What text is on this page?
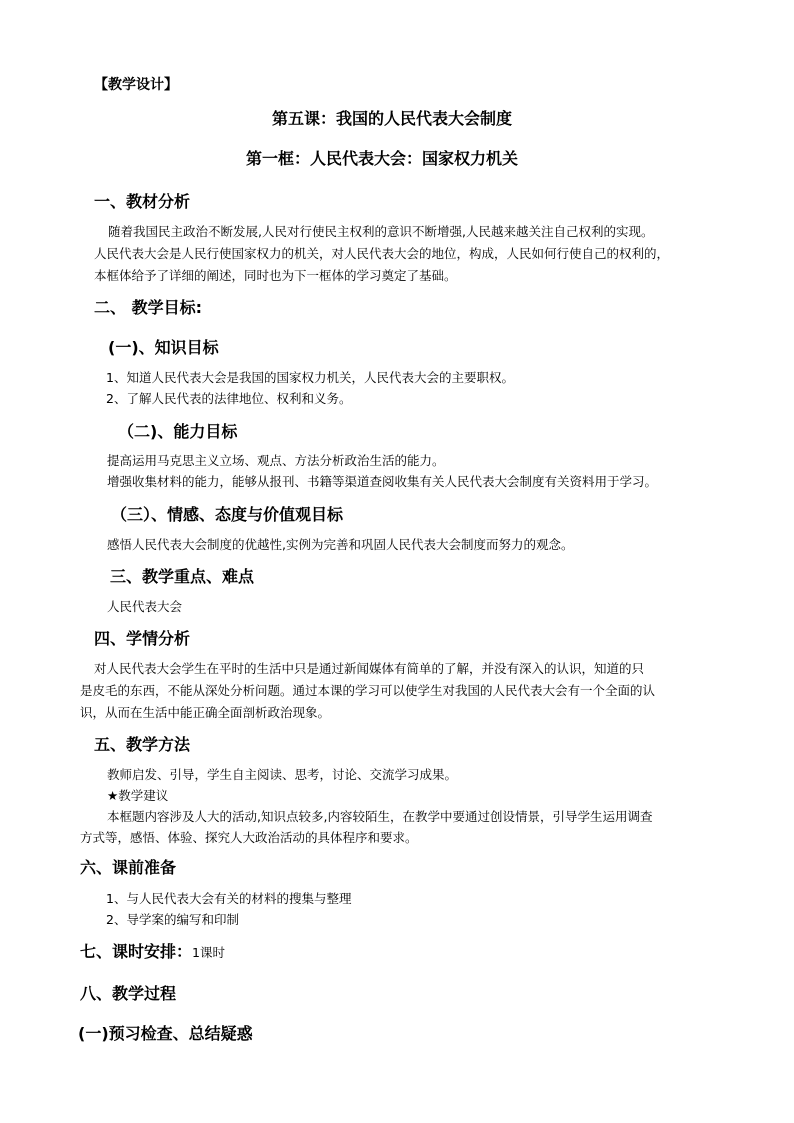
【教学设计】
第五课：我国的人民代表大会制度
第一框：人民代表大会：国家权力机关
一、教材分析
随着我国民主政治不断发展,人民对行使民主权利的意识不断增强,人民越来越关注自己权利的实现。
人民代表大会是人民行使国家权力的机关，对人民代表大会的地位，构成，人民如何行使自己的权利的，
本框体给予了详细的阐述，同时也为下一框体的学习奠定了基础。
二、 教学目标:
(一)、知识目标
1、知道人民代表大会是我国的国家权力机关，人民代表大会的主要职权。
2、了解人民代表的法律地位、权利和义务。
（二)、能力目标
提高运用马克思主义立场、观点、方法分析政治生活的能力。
增强收集材料的能力，能够从报刊、书籍等渠道查阅收集有关人民代表大会制度有关资料用于学习。
（三）、情感、态度与价值观目标
感悟人民代表大会制度的优越性,实例为完善和巩固人民代表大会制度而努力的观念。
三、教学重点、难点
人民代表大会
四、学情分析
对人民代表大会学生在平时的生活中只是通过新闻媒体有简单的了解，并没有深入的认识，知道的只
是皮毛的东西，不能从深处分析问题。通过本课的学习可以使学生对我国的人民代表大会有一个全面的认
识，从而在生活中能正确全面剖析政治现象。
五、教学方法
教师启发、引导，学生自主阅读、思考，讨论、交流学习成果。
★教学建议
本框题内容涉及人大的活动,知识点较多,内容较陌生，在教学中要通过创设情景，引导学生运用调查
方式等，感悟、体验、探究人大政治活动的具体程序和要求。
六、课前准备
1、与人民代表大会有关的材料的搜集与整理
2、导学案的编写和印制
七、课时安排：1课时
八、教学过程
(一)预习检查、总结疑惑
